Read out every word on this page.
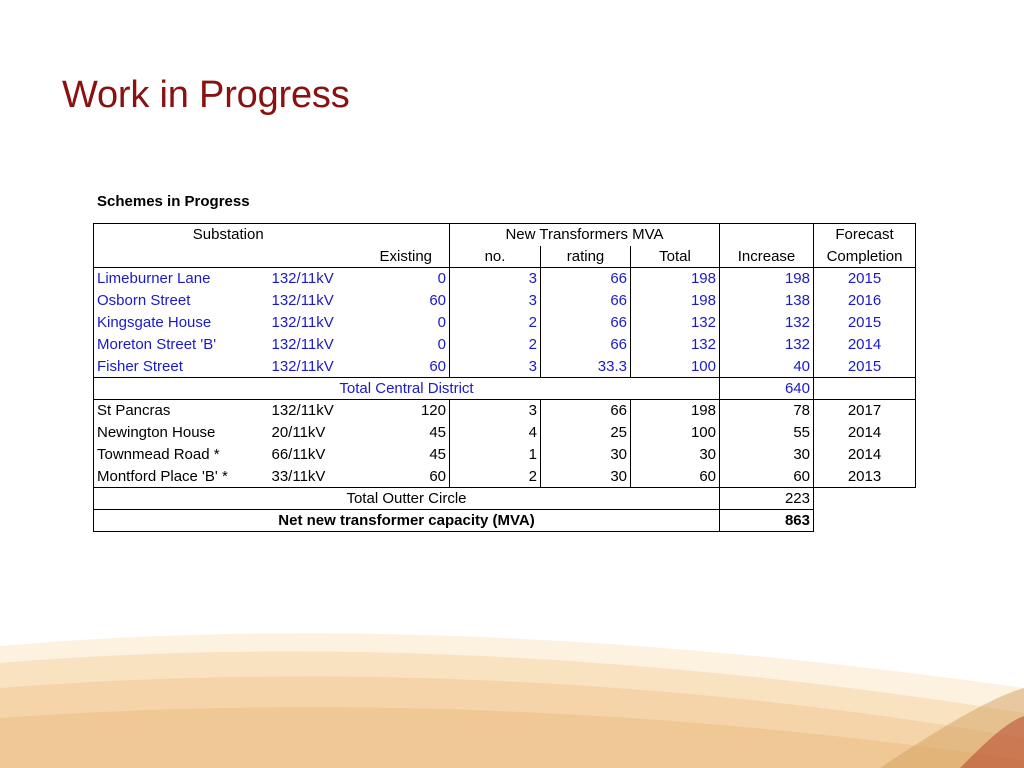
Work in Progress
Schemes in Progress
Substation			New Transformers MVA				Forecast
		Existing	no.	rating	Total	Increase	Completion
Limeburner Lane	132/11kV	0	3	66	198	198	2015
Osborn Street	132/11kV	60	3	66	198	138	2016
Kingsgate House	132/11kV	0	2	66	132	132	2015
Moreton Street 'B'	132/11kV	0	2	66	132	132	2014
Fisher Street	132/11kV	60	3	33.3	100	40	2015
Total Central District						640	
St Pancras	132/11kV	120	3	66	198	78	2017
Newington House	20/11kV	45	4	25	100	55	2014
Townmead Road *	66/11kV	45	1	30	30	30	2014
Montford Place 'B' *	33/11kV	60	2	30	60	60	2013
Total Outter Circle						223	
Net new transformer capacity (MVA)						863	
